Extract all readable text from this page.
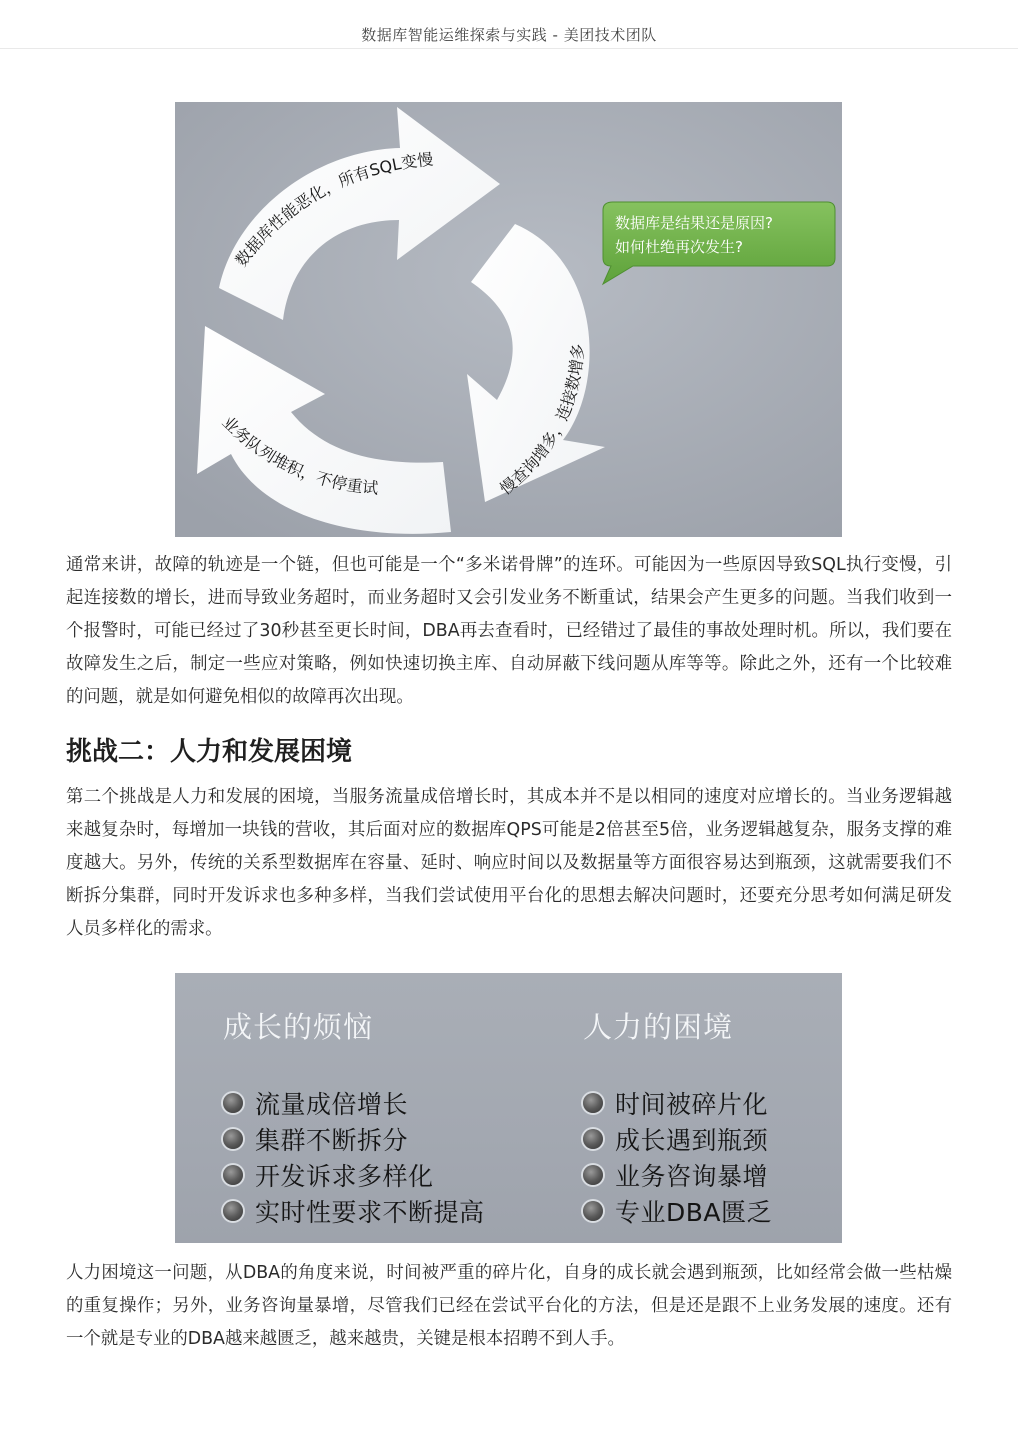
数据库智能运维探索与实践 - 美团技术团队
数据库性能恶化，所有SQL变慢
慢查询增多，连接数增多
业务队列堆积，不停重试
数据库是结果还是原因?
如何杜绝再次发生?

通常来讲，故障的轨迹是一个链，但也可能是一个“多米诺骨牌”的连环。可能因为一些原因导致SQL执行变慢，引起连接数的增长，进而导致业务超时，而业务超时又会引发业务不断重试，结果会产生更多的问题。当我们收到一个报警时，可能已经过了30秒甚至更长时间，DBA再去查看时，已经错过了最佳的事故处理时机。所以，我们要在故障发生之后，制定一些应对策略，例如快速切换主库、自动屏蔽下线问题从库等等。除此之外，还有一个比较难的问题，就是如何避免相似的故障再次出现。

挑战二：人力和发展困境

第二个挑战是人力和发展的困境，当服务流量成倍增长时，其成本并不是以相同的速度对应增长的。当业务逻辑越来越复杂时，每增加一块钱的营收，其后面对应的数据库QPS可能是2倍甚至5倍，业务逻辑越复杂，服务支撑的难度越大。另外，传统的关系型数据库在容量、延时、响应时间以及数据量等方面很容易达到瓶颈，这就需要我们不断拆分集群，同时开发诉求也多种多样，当我们尝试使用平台化的思想去解决问题时，还要充分思考如何满足研发人员多样化的需求。

成长的烦恼
流量成倍增长
集群不断拆分
开发诉求多样化
实时性要求不断提高
人力的困境
时间被碎片化
成长遇到瓶颈
业务咨询暴增
专业DBA匮乏

人力困境这一问题，从DBA的角度来说，时间被严重的碎片化，自身的成长就会遇到瓶颈，比如经常会做一些枯燥的重复操作；另外，业务咨询量暴增，尽管我们已经在尝试平台化的方法，但是还是跟不上业务发展的速度。还有一个就是专业的DBA越来越匮乏，越来越贵，关键是根本招聘不到人手。
